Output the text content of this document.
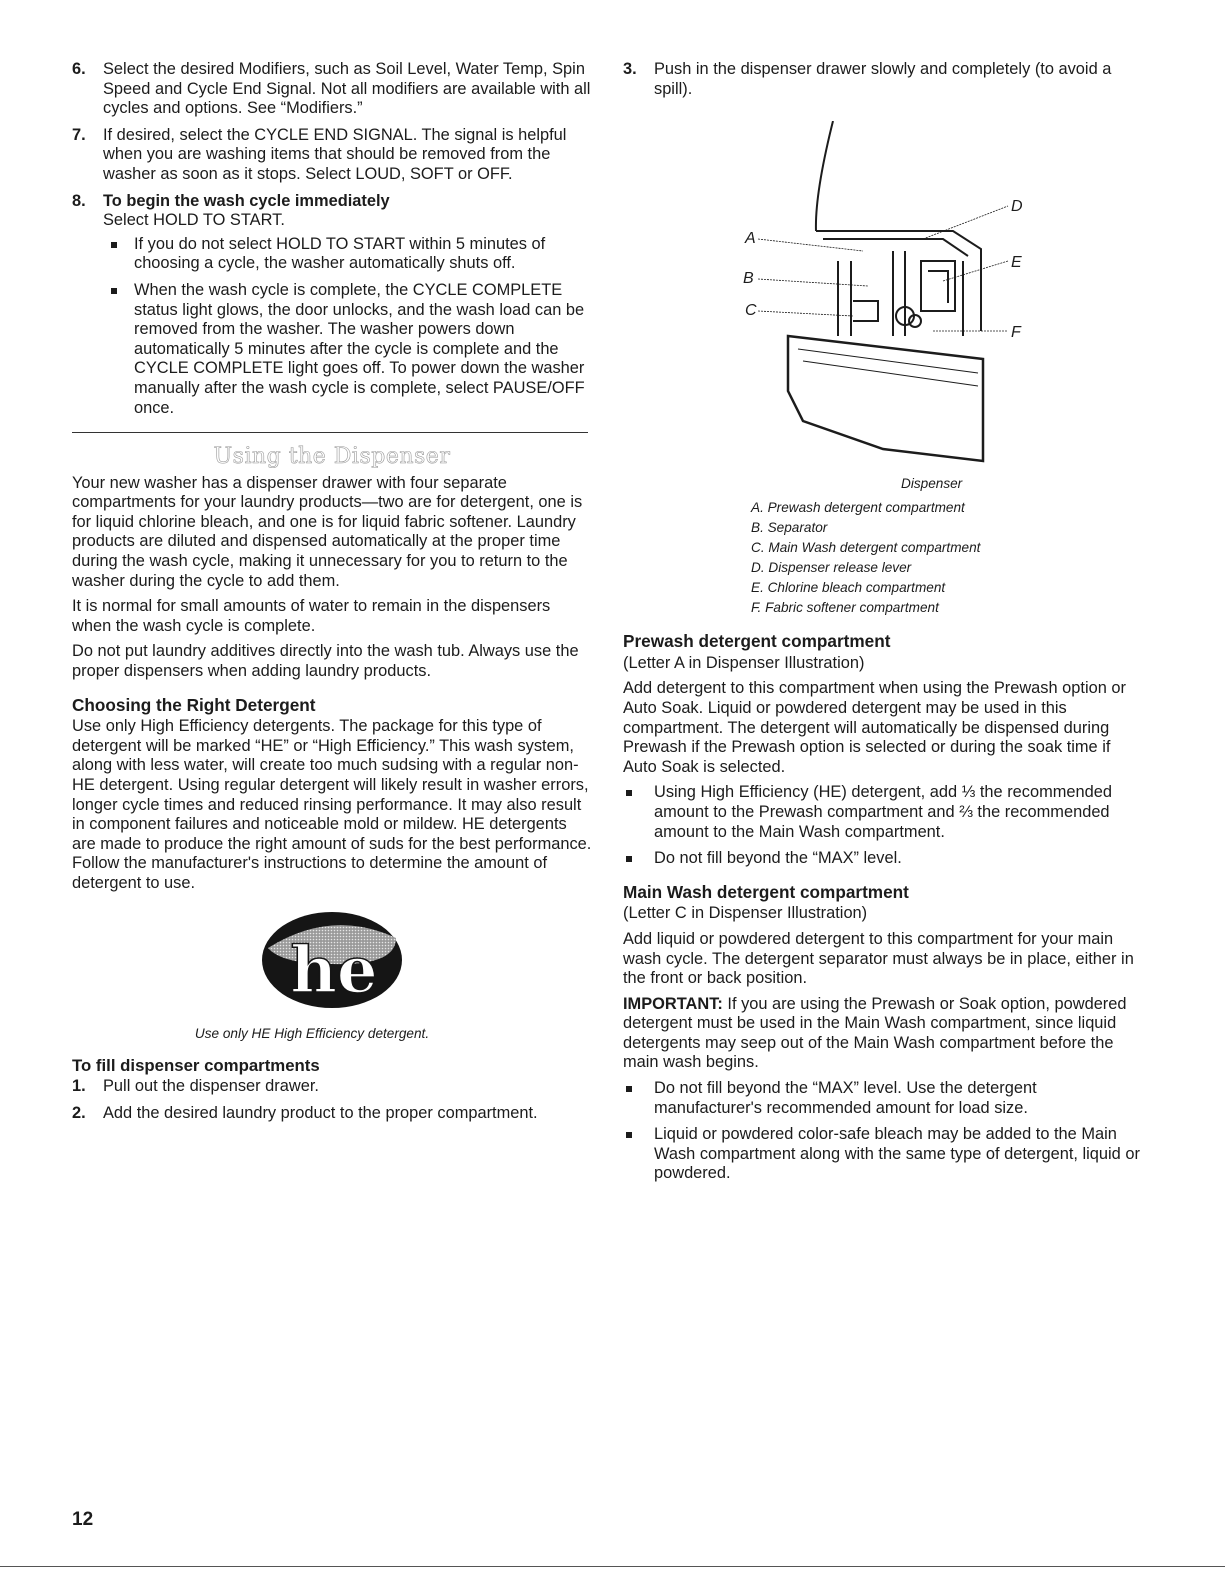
6. Select the desired Modifiers, such as Soil Level, Water Temp, Spin Speed and Cycle End Signal. Not all modifiers are available with all cycles and options. See “Modifiers.”
7. If desired, select the CYCLE END SIGNAL. The signal is helpful when you are washing items that should be removed from the washer as soon as it stops. Select LOUD, SOFT or OFF.
8. To begin the wash cycle immediately
Select HOLD TO START.
If you do not select HOLD TO START within 5 minutes of choosing a cycle, the washer automatically shuts off.
When the wash cycle is complete, the CYCLE COMPLETE status light glows, the door unlocks, and the wash load can be removed from the washer. The washer powers down automatically 5 minutes after the cycle is complete and the CYCLE COMPLETE light goes off. To power down the washer manually after the wash cycle is complete, select PAUSE/OFF once.
Using the Dispenser

Your new washer has a dispenser drawer with four separate compartments for your laundry products—two are for detergent, one is for liquid chlorine bleach, and one is for liquid fabric softener. Laundry products are diluted and dispensed automatically at the proper time during the wash cycle, making it unnecessary for you to return to the washer during the cycle to add them.

It is normal for small amounts of water to remain in the dispensers when the wash cycle is complete.

Do not put laundry additives directly into the wash tub. Always use the proper dispensers when adding laundry products.

Choosing the Right Detergent

Use only High Efficiency detergents. The package for this type of detergent will be marked “HE” or “High Efficiency.” This wash system, along with less water, will create too much sudsing with a regular non-HE detergent. Using regular detergent will likely result in washer errors, longer cycle times and reduced rinsing performance. It may also result in component failures and noticeable mold or mildew. HE detergents are made to produce the right amount of suds for the best performance. Follow the manufacturer's instructions to determine the amount of detergent to use.

he
Use only HE High Efficiency detergent.
To fill dispenser compartments
1. Pull out the dispenser drawer.
2. Add the desired laundry product to the proper compartment.
3. Push in the dispenser drawer slowly and completely (to avoid a spill).
A
B
C
D
E
F
Dispenser
A. Prewash detergent compartment
B. Separator
C. Main Wash detergent compartment
D. Dispenser release lever
E. Chlorine bleach compartment
F. Fabric softener compartment
Prewash detergent compartment

(Letter A in Dispenser Illustration)

Add detergent to this compartment when using the Prewash option or Auto Soak. Liquid or powdered detergent may be used in this compartment. The detergent will automatically be dispensed during Prewash if the Prewash option is selected or during the soak time if Auto Soak is selected.

Using High Efficiency (HE) detergent, add ⅓ the recommended amount to the Prewash compartment and ⅔ the recommended amount to the Main Wash compartment.
Do not fill beyond the “MAX” level.
Main Wash detergent compartment

(Letter C in Dispenser Illustration)

Add liquid or powdered detergent to this compartment for your main wash cycle. The detergent separator must always be in place, either in the front or back position.

IMPORTANT: If you are using the Prewash or Soak option, powdered detergent must be used in the Main Wash compartment, since liquid detergents may seep out of the Main Wash compartment before the main wash begins.

Do not fill beyond the “MAX” level. Use the detergent manufacturer's recommended amount for load size.
Liquid or powdered color-safe bleach may be added to the Main Wash compartment along with the same type of detergent, liquid or powdered.
12
